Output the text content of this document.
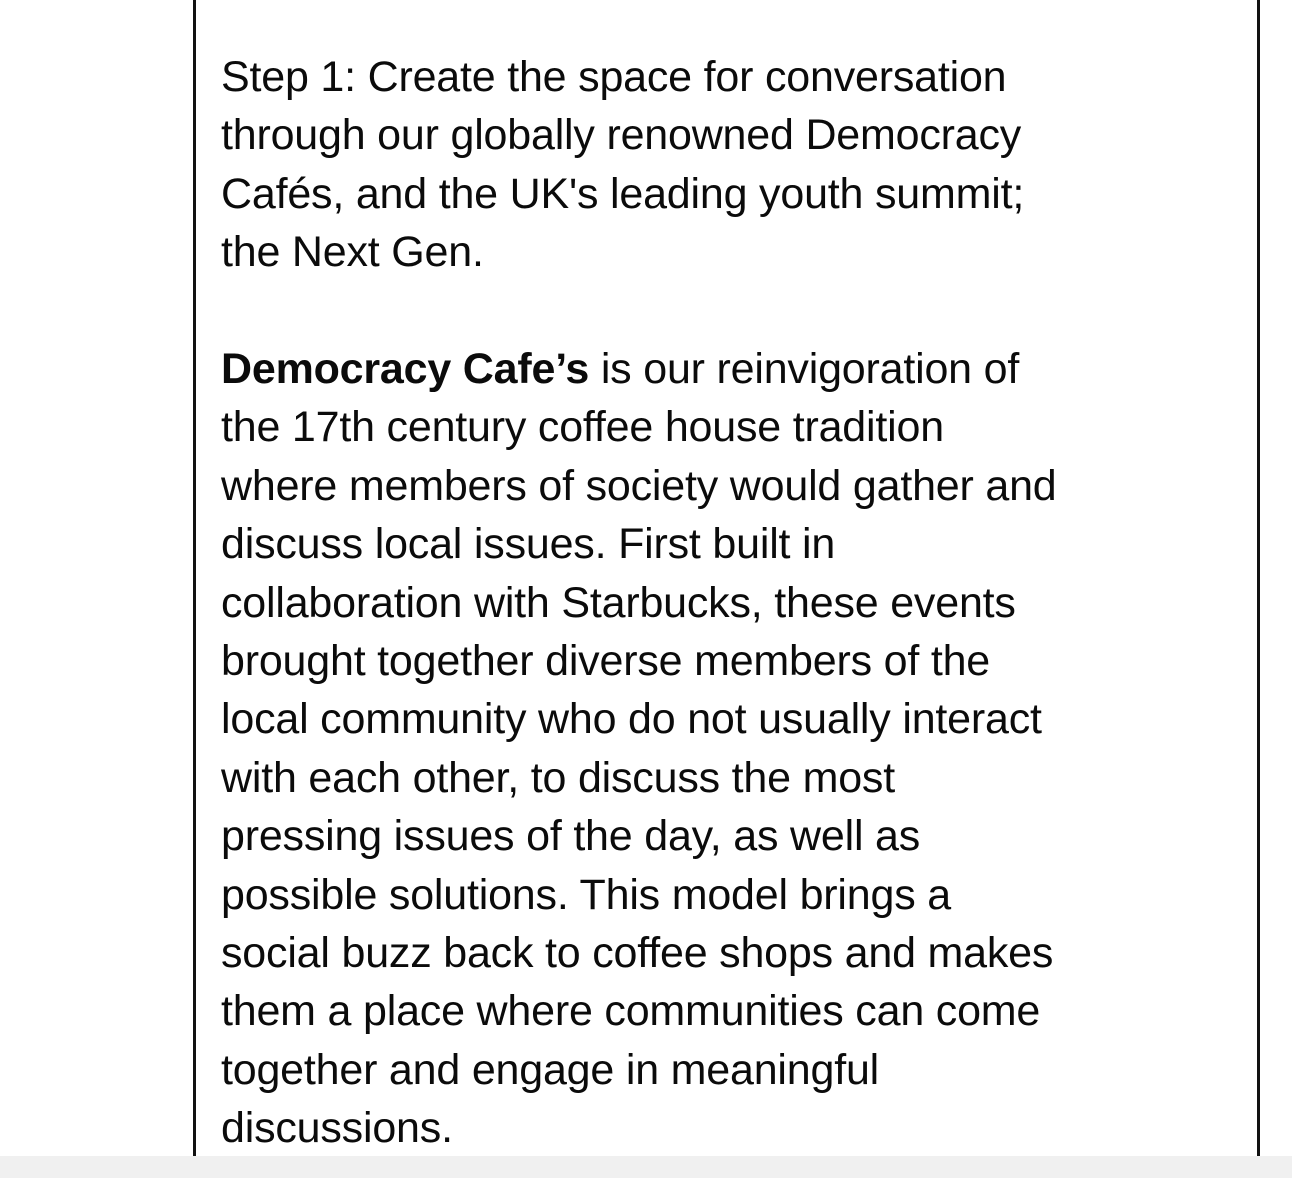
Step 1: Create the space for conversation
through our globally renowned Democracy
Cafés, and the UK's leading youth summit;
the Next Gen.

Democracy Cafe’s is our reinvigoration of
the 17th century coffee house tradition
where members of society would gather and
discuss local issues. First built in
collaboration with Starbucks, these events
brought together diverse members of the
local community who do not usually interact
with each other, to discuss the most
pressing issues of the day, as well as
possible solutions. This model brings a
social buzz back to coffee shops and makes
them a place where communities can come
together and engage in meaningful
discussions.
